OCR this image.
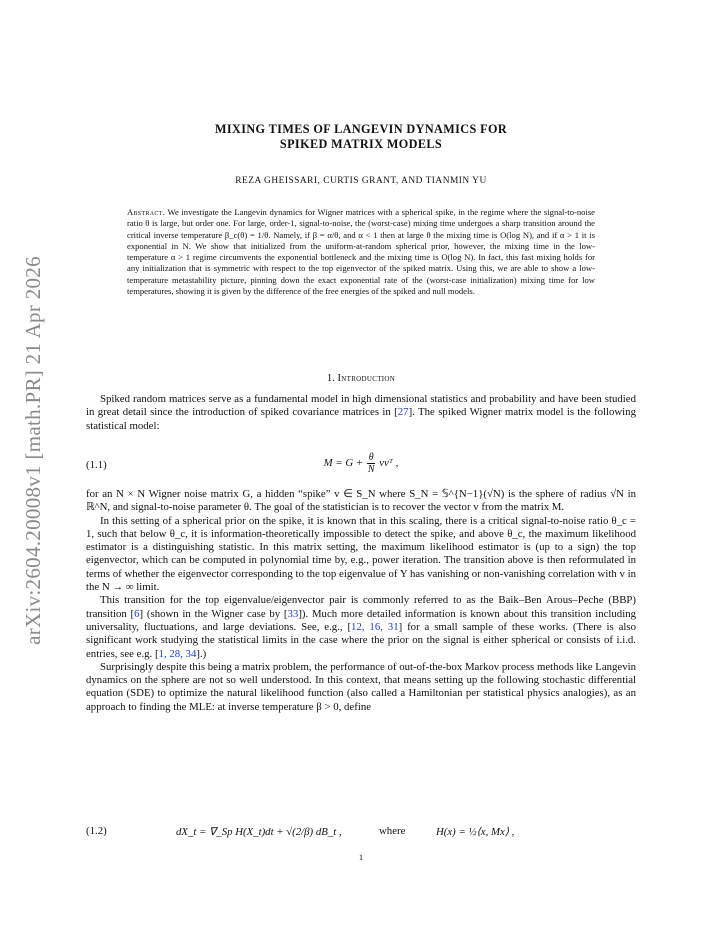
arXiv:2604.20008v1 [math.PR] 21 Apr 2026
MIXING TIMES OF LANGEVIN DYNAMICS FOR
SPIKED MATRIX MODELS
REZA GHEISSARI, CURTIS GRANT, AND TIANMIN YU
Abstract. We investigate the Langevin dynamics for Wigner matrices with a spherical spike, in the regime where the signal-to-noise ratio θ is large, but order one. For large, order-1, signal-to-noise, the (worst-case) mixing time undergoes a sharp transition around the critical inverse temperature β_c(θ) = 1/θ. Namely, if β = α/θ, and α < 1 then at large θ the mixing time is O(log N), and if α > 1 it is exponential in N. We show that initialized from the uniform-at-random spherical prior, however, the mixing time in the low-temperature α > 1 regime circumvents the exponential bottleneck and the mixing time is O(log N). In fact, this fast mixing holds for any initialization that is symmetric with respect to the top eigenvector of the spiked matrix. Using this, we are able to show a low-temperature metastability picture, pinning down the exact exponential rate of the (worst-case initialization) mixing time for low temperatures, showing it is given by the difference of the free energies of the spiked and null models.
1. Introduction

Spiked random matrices serve as a fundamental model in high dimensional statistics and probability and have been studied in great detail since the introduction of spiked covariance matrices in [27]. The spiked Wigner matrix model is the following statistical model:

(1.1)	$M = G + \frac{\theta}{N}$ vvᵀ ,

for an N × N Wigner noise matrix G, a hidden “spike” v ∈ S_N where S_N = 𝕊^{N−1}(√N) is the sphere of radius √N in ℝ^N, and signal-to-noise parameter θ. The goal of the statistician is to recover the vector v from the matrix M.

In this setting of a spherical prior on the spike, it is known that in this scaling, there is a critical signal-to-noise ratio θ_c = 1, such that below θ_c, it is information-theoretically impossible to detect the spike, and above θ_c, the maximum likelihood estimator is a distinguishing statistic. In this matrix setting, the maximum likelihood estimator is (up to a sign) the top eigenvector, which can be computed in polynomial time by, e.g., power iteration. The transition above is then reformulated in terms of whether the eigenvector corresponding to the top eigenvalue of Y has vanishing or non-vanishing correlation with v in the N → ∞ limit.

This transition for the top eigenvalue/eigenvector pair is commonly referred to as the Baik–Ben Arous–Peche (BBP) transition [6] (shown in the Wigner case by [33]). Much more detailed information is known about this transition including universality, fluctuations, and large deviations. See, e.g., [12, 16, 31] for a small sample of these works. (There is also significant work studying the statistical limits in the case where the prior on the signal is either spherical or consists of i.i.d. entries, see e.g. [1, 28, 34].)

Surprisingly despite this being a matrix problem, the performance of out-of-the-box Markov process methods like Langevin dynamics on the sphere are not so well understood. In this context, that means setting up the following stochastic differential equation (SDE) to optimize the natural likelihood function (also called a Hamiltonian per statistical physics analogies), as an approach to finding the MLE: at inverse temperature β > 0, define

(1.2)	dX_t = ∇_Sp H(X_t)dt + √(2/β) dB_t ,	where	H(x) = ½⟨x, Mx⟩ ,
1
